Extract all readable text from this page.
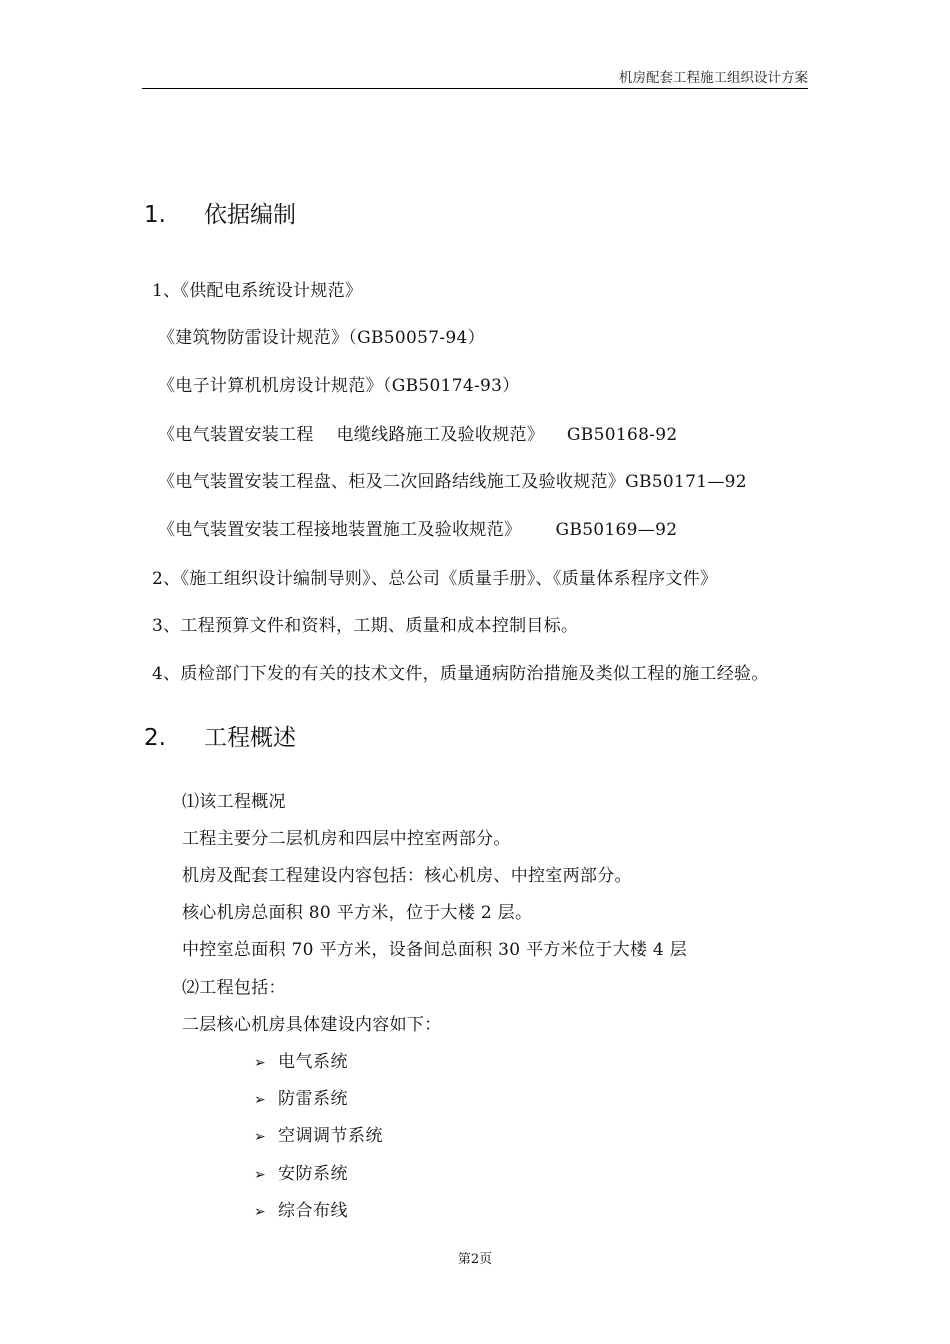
机房配套工程施工组织设计方案
1. 依据编制
1、《供配电系统设计规范》
《建筑物防雷设计规范》（GB50057-94）
《电子计算机机房设计规范》（GB50174-93）
《电气装置安装工程    电缆线路施工及验收规范》    GB50168-92
《电气装置安装工程盘、柜及二次回路结线施工及验收规范》GB50171—92
《电气装置安装工程接地装置施工及验收规范》      GB50169—92
2、《施工组织设计编制导则》、总公司《质量手册》、《质量体系程序文件》
3、工程预算文件和资料，工期、质量和成本控制目标。
4、质检部门下发的有关的技术文件，质量通病防治措施及类似工程的施工经验。
2. 工程概述
⑴该工程概况
工程主要分二层机房和四层中控室两部分。
机房及配套工程建设内容包括：核心机房、中控室两部分。
核心机房总面积 80 平方米，位于大楼 2 层。
中控室总面积 70 平方米，设备间总面积 30 平方米位于大楼 4 层
⑵工程包括：
二层核心机房具体建设内容如下：
➢ 电气系统
➢ 防雷系统
➢ 空调调节系统
➢ 安防系统
➢ 综合布线
第2页
